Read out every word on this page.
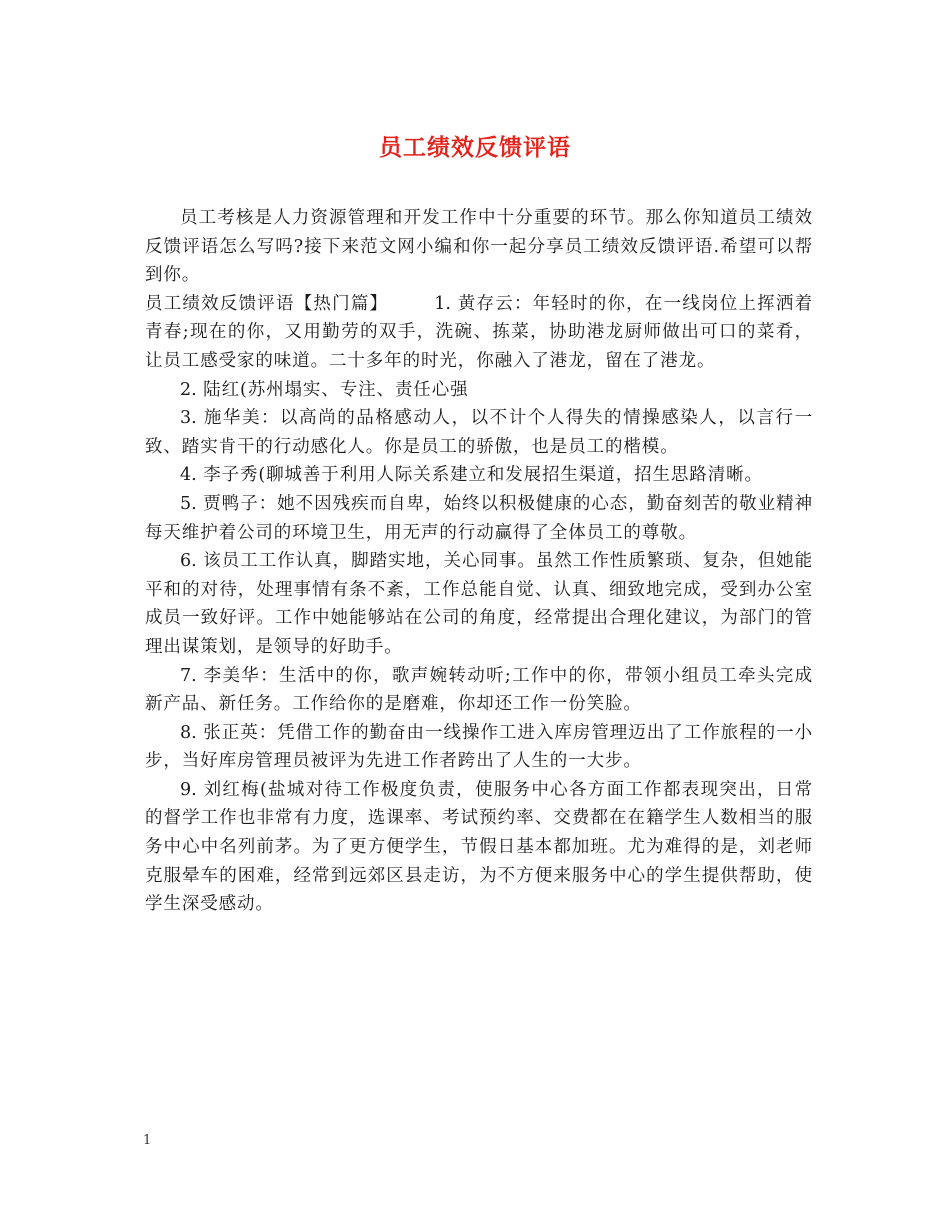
员工绩效反馈评语

员工考核是人力资源管理和开发工作中十分重要的环节。那么你知道员工绩效反馈评语怎么写吗?接下来范文网小编和你一起分享员工绩效反馈评语.希望可以帮到你。

员工绩效反馈评语【热门篇】	1. 黄存云：年轻时的你，在一线岗位上挥洒着青春;现在的你，又用勤劳的双手，洗碗、拣菜，协助港龙厨师做出可口的菜肴，让员工感受家的味道。二十多年的时光，你融入了港龙，留在了港龙。

2. 陆红(苏州塌实、专注、责任心强

3. 施华美：以高尚的品格感动人，以不计个人得失的情操感染人，以言行一致、踏实肯干的行动感化人。你是员工的骄傲，也是员工的楷模。

4. 李子秀(聊城善于利用人际关系建立和发展招生渠道，招生思路清晰。

5. 贾鸭子：她不因残疾而自卑，始终以积极健康的心态，勤奋刻苦的敬业精神每天维护着公司的环境卫生，用无声的行动赢得了全体员工的尊敬。

6. 该员工工作认真，脚踏实地，关心同事。虽然工作性质繁琐、复杂，但她能平和的对待，处理事情有条不紊，工作总能自觉、认真、细致地完成，受到办公室成员一致好评。工作中她能够站在公司的角度，经常提出合理化建议，为部门的管理出谋策划，是领导的好助手。

7. 李美华：生活中的你，歌声婉转动听;工作中的你，带领小组员工牵头完成新产品、新任务。工作给你的是磨难，你却还工作一份笑脸。

8. 张正英：凭借工作的勤奋由一线操作工进入库房管理迈出了工作旅程的一小步，当好库房管理员被评为先进工作者跨出了人生的一大步。

9. 刘红梅(盐城对待工作极度负责，使服务中心各方面工作都表现突出，日常的督学工作也非常有力度，选课率、考试预约率、交费都在在籍学生人数相当的服务中心中名列前茅。为了更方便学生，节假日基本都加班。尤为难得的是，刘老师克服晕车的困难，经常到远郊区县走访，为不方便来服务中心的学生提供帮助，使学生深受感动。

1
